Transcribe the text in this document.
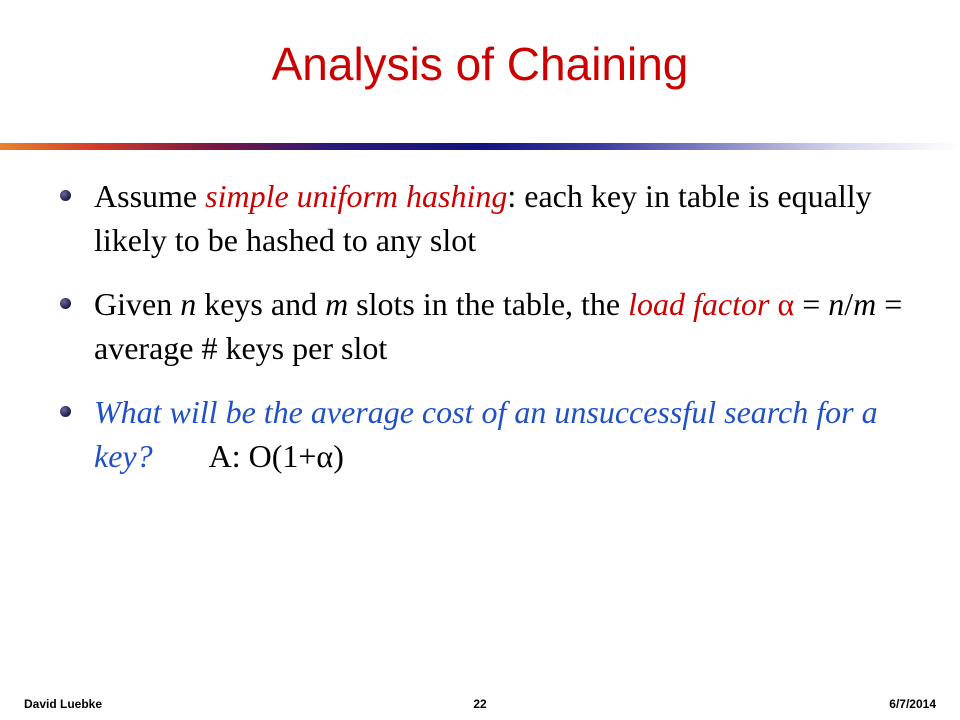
Analysis of Chaining
Assume simple uniform hashing: each key in table is equally likely to be hashed to any slot
Given n keys and m slots in the table, the load factor α = n/m = average # keys per slot
What will be the average cost of an unsuccessful search for a key? A: O(1+α)
David Luebke	22	6/7/2014
